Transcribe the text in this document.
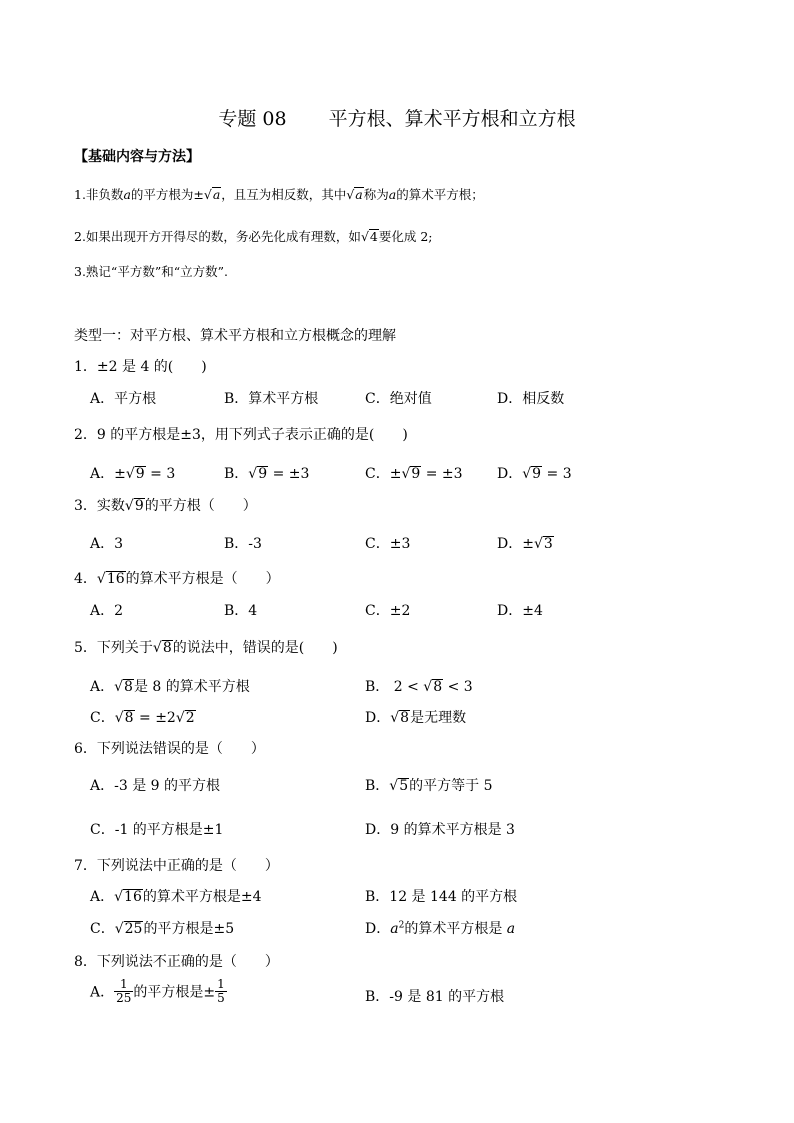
专题 08 平方根、算术平方根和立方根
【基础内容与方法】
1.非负数a的平方根为±√a，且互为相反数，其中√a称为a的算术平方根；
2.如果出现开方开得尽的数，务必先化成有理数，如√4要化成 2;
3.熟记“平方数”和“立方数”.
类型一：对平方根、算术平方根和立方根概念的理解
1．±2 是 4 的(　　)
A．平方根	B．算术平方根	C．绝对值	D．相反数
2．9 的平方根是±3，用下列式子表示正确的是(　　)
A．±√9 = 3	B．√9 = ±3	C．±√9 = ±3 D．√9 = 3
3．实数√9的平方根（　　）
A．3	B．-3	C．±3	D．±√3
4．√16的算术平方根是（　　）
A．2	B．4	C．±2	D．±4
5．下列关于√8的说法中，错误的是(　　)
A．√8是 8 的算术平方根	B． 2 < √8 < 3
C．√8 = ±2√2	D．√8是无理数
6．下列说法错误的是（　　）
A．-3 是 9 的平方根	B．√5的平方等于 5
C．-1 的平方根是±1	D．9 的算术平方根是 3
7．下列说法中正确的是（　　）
A．√16的算术平方根是±4	B．12 是 144 的平方根
C．√25的平方根是±5	D．$a^2$的算术平方根是 a
8．下列说法不正确的是（　　）
A． $\frac{1}{25}$ 的平方根是± $\frac{1}{5}$	B．-9 是 81 的平方根
